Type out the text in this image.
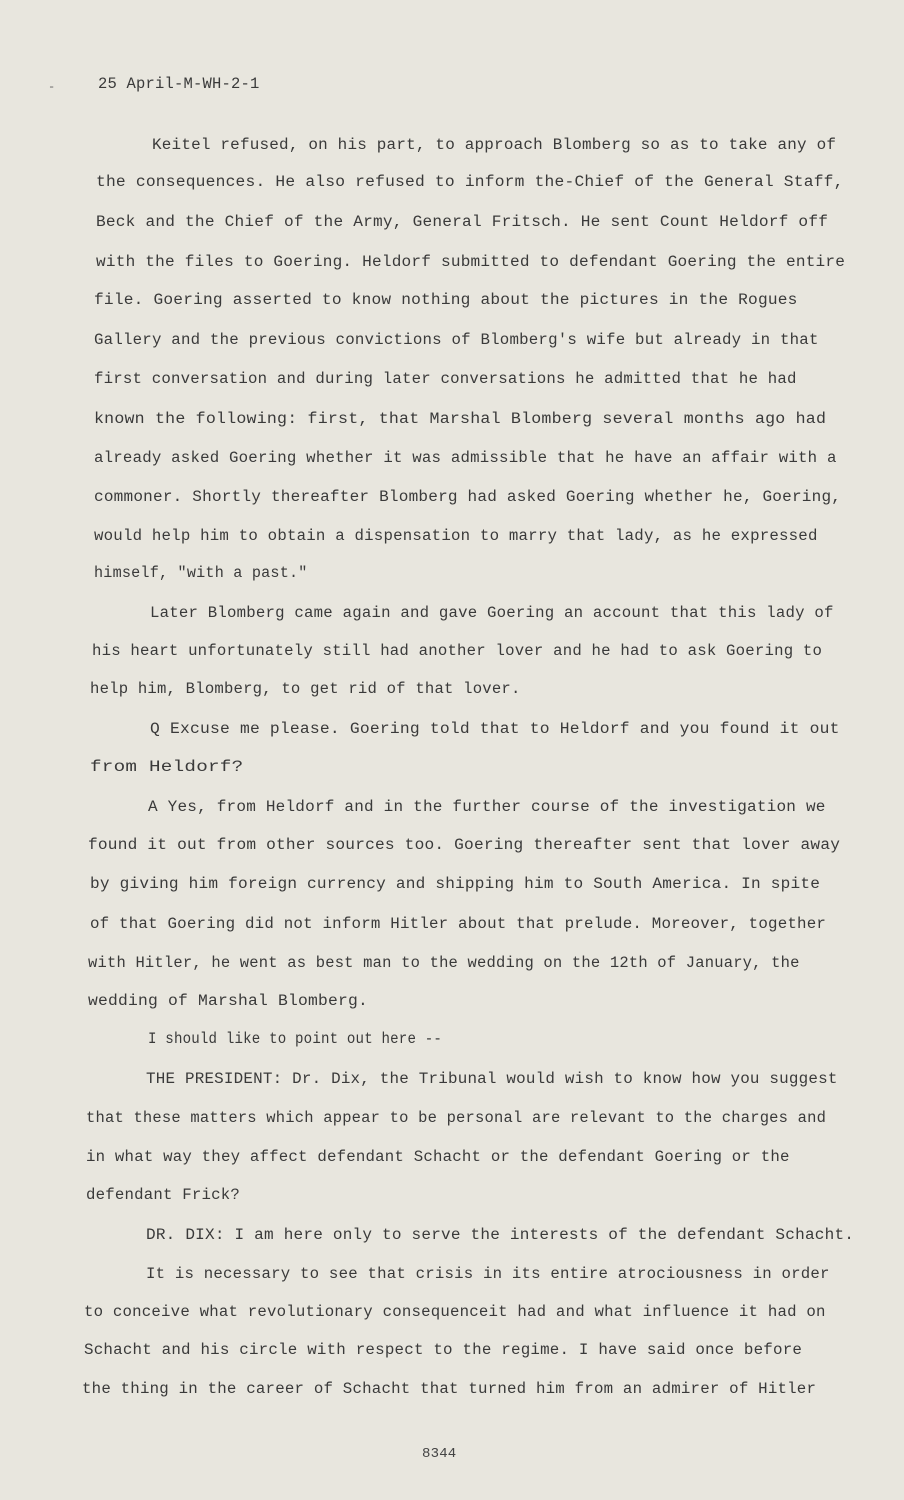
-	25 April-M-WH-2-1
Keitel refused, on his part, to approach Blomberg so as to take any of
the consequences. He also refused to inform the-Chief of the General Staff,
Beck and the Chief of the Army, General Fritsch. He sent Count Heldorf off
with the files to Goering. Heldorf submitted to defendant Goering the entire
file. Goering asserted to know nothing about the pictures in the Rogues
Gallery and the previous convictions of Blomberg's wife but already in that
first conversation and during later conversations he admitted that he had
known the following: first, that Marshal Blomberg several months ago had
already asked Goering whether it was admissible that he have an affair with a
commoner. Shortly thereafter Blomberg had asked Goering whether he, Goering,
would help him to obtain a dispensation to marry that lady, as he expressed
himself, "with a past."
Later Blomberg came again and gave Goering an account that this lady of
his heart unfortunately still had another lover and he had to ask Goering to
help him, Blomberg, to get rid of that lover.
Q Excuse me please. Goering told that to Heldorf and you found it out
from Heldorf?
A Yes, from Heldorf and in the further course of the investigation we
found it out from other sources too. Goering thereafter sent that lover away
by giving him foreign currency and shipping him to South America. In spite
of that Goering did not inform Hitler about that prelude. Moreover, together
with Hitler, he went as best man to the wedding on the 12th of January, the
wedding of Marshal Blomberg.
I should like to point out here --
THE PRESIDENT: Dr. Dix, the Tribunal would wish to know how you suggest
that these matters which appear to be personal are relevant to the charges and
in what way they affect defendant Schacht or the defendant Goering or the
defendant Frick?
DR. DIX: I am here only to serve the interests of the defendant Schacht.
It is necessary to see that crisis in its entire atrociousness in order
to conceive what revolutionary consequenceit had and what influence it had on
Schacht and his circle with respect to the regime. I have said once before
the thing in the career of Schacht that turned him from an admirer of Hitler
8344
